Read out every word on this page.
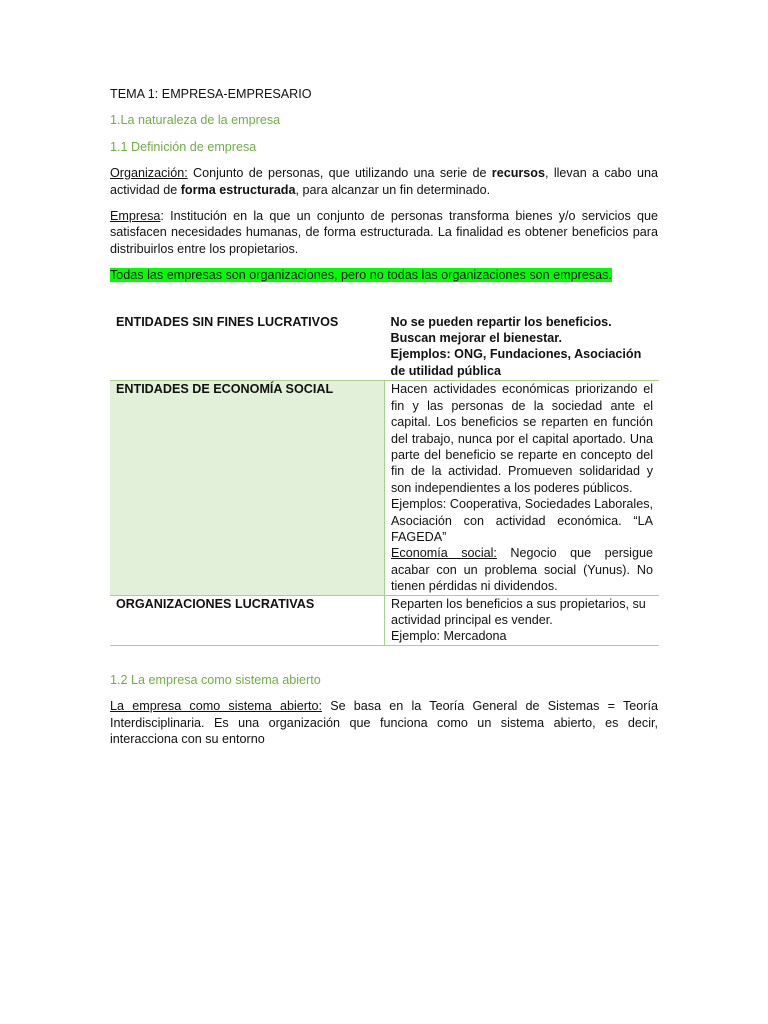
TEMA 1: EMPRESA-EMPRESARIO

1.La naturaleza de la empresa

1.1 Definición de empresa

Organización: Conjunto de personas, que utilizando una serie de recursos, llevan a cabo una actividad de forma estructurada, para alcanzar un fin determinado.

Empresa: Institución en la que un conjunto de personas transforma bienes y/o servicios que satisfacen necesidades humanas, de forma estructurada. La finalidad es obtener beneficios para distribuirlos entre los propietarios.

Todas las empresas son organizaciones, pero no todas las organizaciones son empresas.

ENTIDADES SIN FINES LUCRATIVOS	No se pueden repartir los beneficios. Buscan mejorar el bienestar.
Ejemplos: ONG, Fundaciones, Asociación de utilidad pública

ENTIDADES DE ECONOMÍA SOCIAL	Hacen actividades económicas priorizando el fin y las personas de la sociedad ante el capital. Los beneficios se reparten en función del trabajo, nunca por el capital aportado. Una parte del beneficio se reparte en concepto del fin de la actividad. Promueven solidaridad y son independientes a los poderes públicos.
Ejemplos: Cooperativa, Sociedades Laborales, Asociación con actividad económica. “LA FAGEDA”
Economía social: Negocio que persigue acabar con un problema social (Yunus). No tienen pérdidas ni dividendos.

ORGANIZACIONES LUCRATIVAS	Reparten los beneficios a sus propietarios, su actividad principal es vender.
Ejemplo: Mercadona

1.2 La empresa como sistema abierto

La empresa como sistema abierto: Se basa en la Teoría General de Sistemas = Teoría Interdisciplinaria. Es una organización que funciona como un sistema abierto, es decir, interacciona con su entorno
